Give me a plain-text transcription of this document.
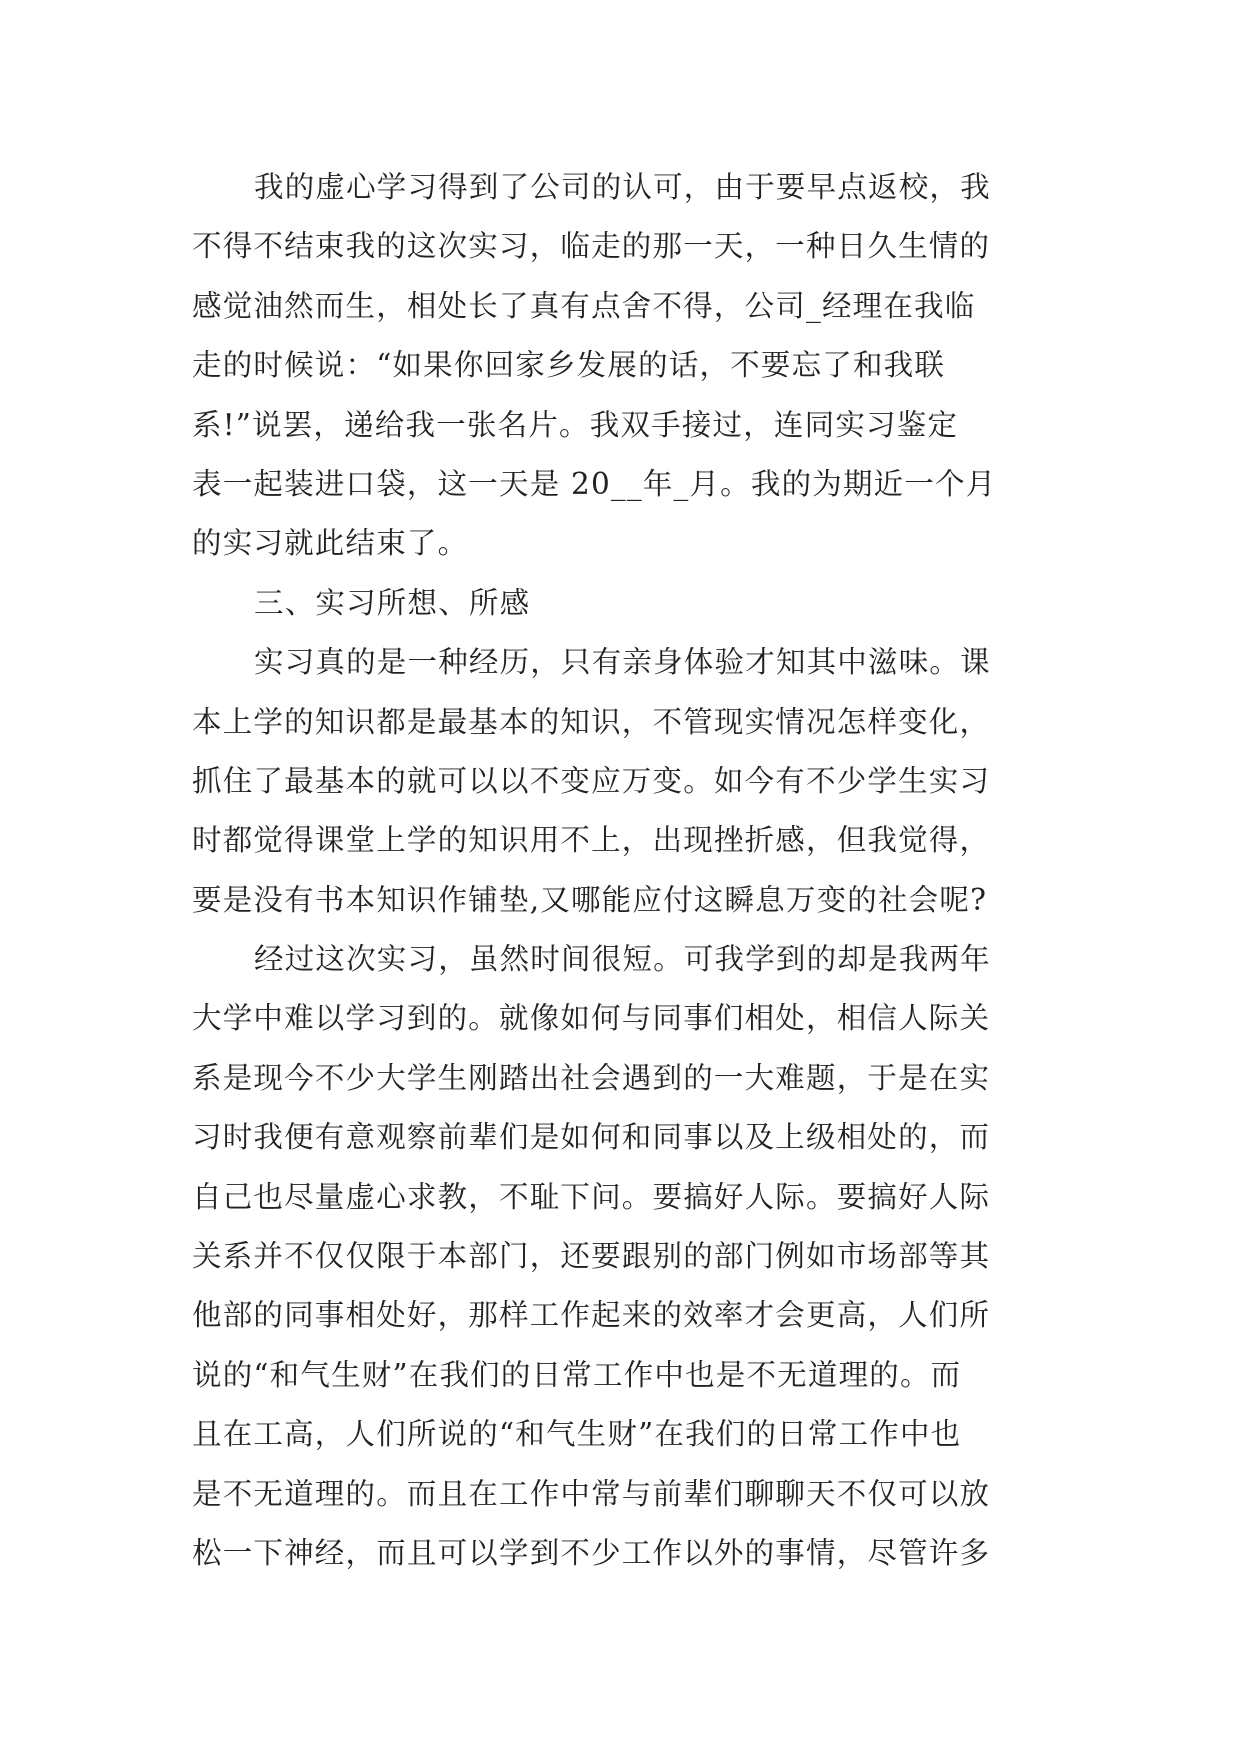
我的虚心学习得到了公司的认可，由于要早点返校，我
不得不结束我的这次实习，临走的那一天，一种日久生情的
感觉油然而生，相处长了真有点舍不得，公司_经理在我临
走的时候说：“如果你回家乡发展的话，不要忘了和我联
系!”说罢，递给我一张名片。我双手接过，连同实习鉴定
表一起装进口袋，这一天是 20__年_月。我的为期近一个月
的实习就此结束了。
三、实习所想、所感
实习真的是一种经历，只有亲身体验才知其中滋味。课
本上学的知识都是最基本的知识，不管现实情况怎样变化，
抓住了最基本的就可以以不变应万变。如今有不少学生实习
时都觉得课堂上学的知识用不上，出现挫折感，但我觉得，
要是没有书本知识作铺垫,又哪能应付这瞬息万变的社会呢?
经过这次实习，虽然时间很短。可我学到的却是我两年
大学中难以学习到的。就像如何与同事们相处，相信人际关
系是现今不少大学生刚踏出社会遇到的一大难题，于是在实
习时我便有意观察前辈们是如何和同事以及上级相处的，而
自己也尽量虚心求教，不耻下问。要搞好人际。要搞好人际
关系并不仅仅限于本部门，还要跟别的部门例如市场部等其
他部的同事相处好，那样工作起来的效率才会更高，人们所
说的“和气生财”在我们的日常工作中也是不无道理的。而
且在工高，人们所说的“和气生财”在我们的日常工作中也
是不无道理的。而且在工作中常与前辈们聊聊天不仅可以放
松一下神经，而且可以学到不少工作以外的事情，尽管许多
